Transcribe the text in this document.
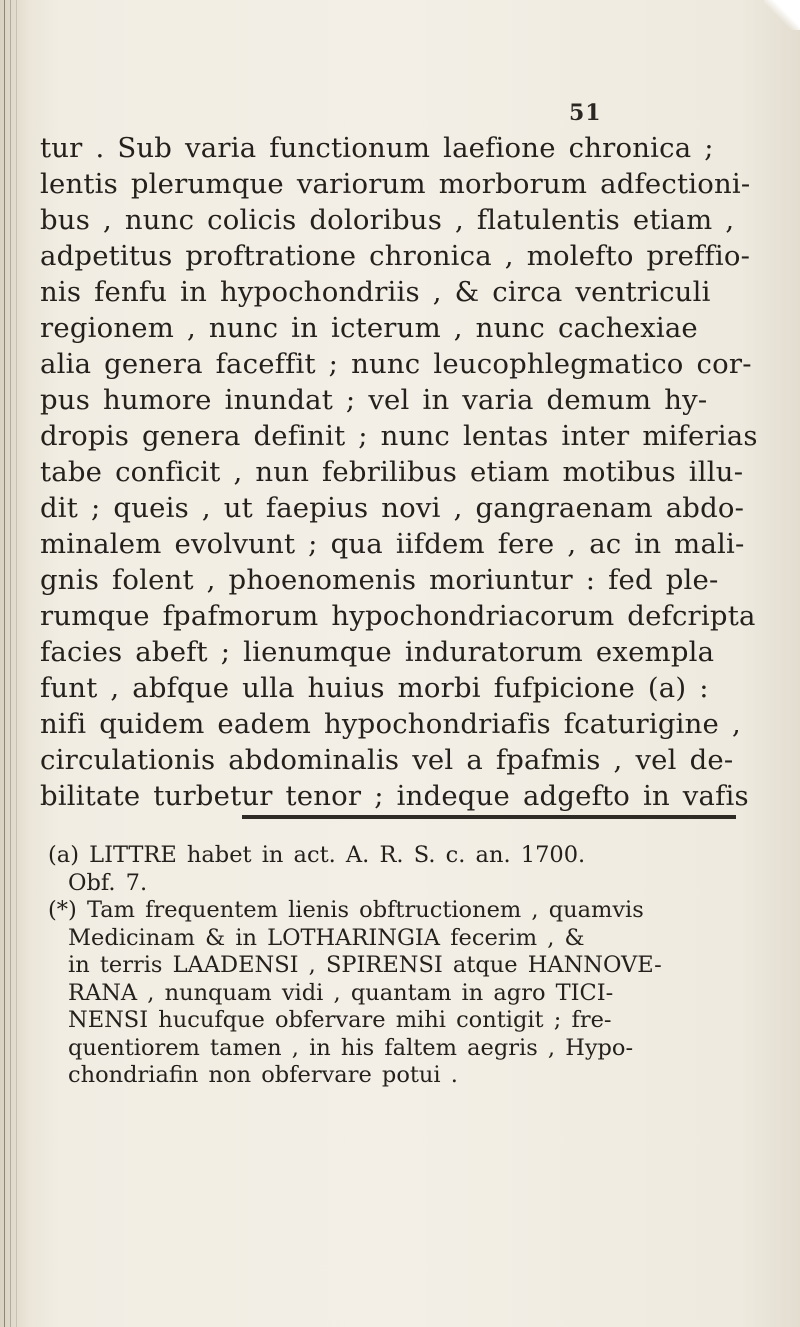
51
tur . Sub varia functionum laefione chronica ;
lentis plerumque variorum morborum adfectioni-
bus , nunc colicis doloribus , flatulentis etiam ,
adpetitus proftratione chronica , molefto preffio-
nis fenfu in hypochondriis , & circa ventriculi
regionem , nunc in icterum , nunc cachexiae
alia genera faceffit ; nunc leucophlegmatico cor-
pus humore inundat ; vel in varia demum hy-
dropis genera definit ; nunc lentas inter miferias
tabe conficit , nun febrilibus etiam motibus illu-
dit ; queis , ut faepius novi , gangraenam abdo-
minalem evolvunt ; qua iifdem fere , ac in mali-
gnis folent , phoenomenis moriuntur : fed ple-
rumque fpafmorum hypochondriacorum defcripta
facies abeft ; lienumque induratorum exempla
funt , abfque ulla huius morbi fufpicione (a) :
nifi quidem eadem hypochondriafis fcaturigine ,
circulationis abdominalis vel a fpafmis , vel de-
bilitate turbetur tenor ; indeque adgefto in vafis
(a) LITTRE habet in act. A. R. S. c. an. 1700.
Obf. 7.
(*) Tam frequentem lienis obftructionem , quamvis
Medicinam & in LOTHARINGIA fecerim , &
in terris LAADENSI , SPIRENSI atque HANNOVE-
RANA , nunquam vidi , quantam in agro TICI-
NENSI hucufque obfervare mihi contigit ; fre-
quentiorem tamen , in his faltem aegris , Hypo-
chondriafin non obfervare potui .
